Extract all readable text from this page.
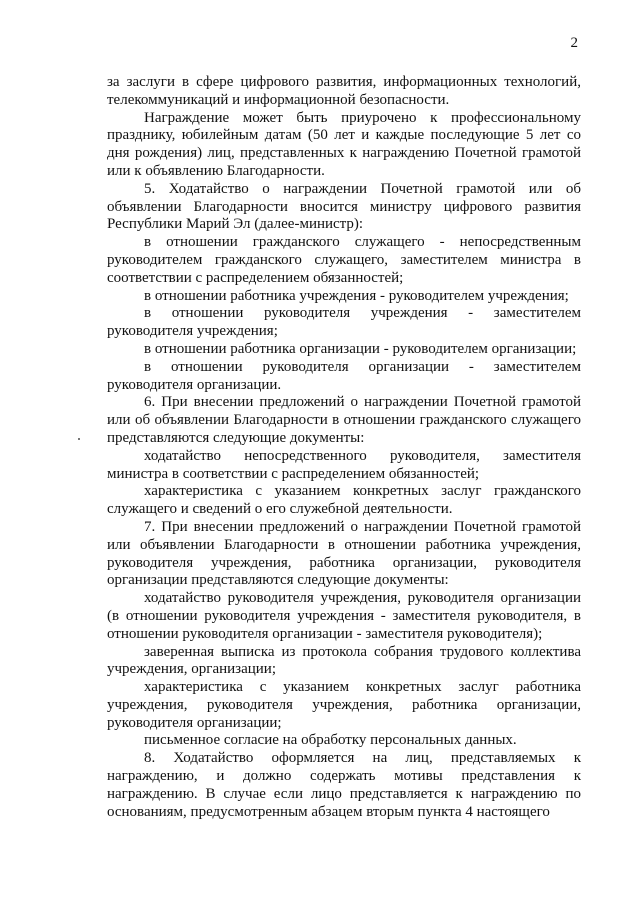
2

за заслуги в сфере цифрового развития, информационных технологий, телекоммуникаций и информационной безопасности.

Награждение может быть приурочено к профессиональному празднику, юбилейным датам (50 лет и каждые последующие 5 лет со дня рождения) лиц, представленных к награждению Почетной грамотой или к объявлению Благодарности.

5. Ходатайство о награждении Почетной грамотой или об объявлении Благодарности вносится министру цифрового развития Республики Марий Эл (далее-министр):

в отношении гражданского служащего - непосредственным руководителем гражданского служащего, заместителем министра в соответствии с распределением обязанностей;

в отношении работника учреждения - руководителем учреждения;

в отношении руководителя учреждения - заместителем руководителя учреждения;

в отношении работника организации - руководителем организации;

в отношении руководителя организации - заместителем руководителя организации.

6. При внесении предложений о награждении Почетной грамотой или об объявлении Благодарности в отношении гражданского служащего представляются следующие документы:

ходатайство непосредственного руководителя, заместителя министра в соответствии с распределением обязанностей;

характеристика с указанием конкретных заслуг гражданского служащего и сведений о его служебной деятельности.

7. При внесении предложений о награждении Почетной грамотой или объявлении Благодарности в отношении работника учреждения, руководителя учреждения, работника организации, руководителя организации представляются следующие документы:

ходатайство руководителя учреждения, руководителя организации (в отношении руководителя учреждения - заместителя руководителя, в отношении руководителя организации - заместителя руководителя);

заверенная выписка из протокола собрания трудового коллектива учреждения, организации;

характеристика с указанием конкретных заслуг работника учреждения, руководителя учреждения, работника организации, руководителя организации;

письменное согласие на обработку персональных данных.

8. Ходатайство оформляется на лиц, представляемых к награждению, и должно содержать мотивы представления к награждению. В случае если лицо представляется к награждению по основаниям, предусмотренным абзацем вторым пункта 4 настоящего
